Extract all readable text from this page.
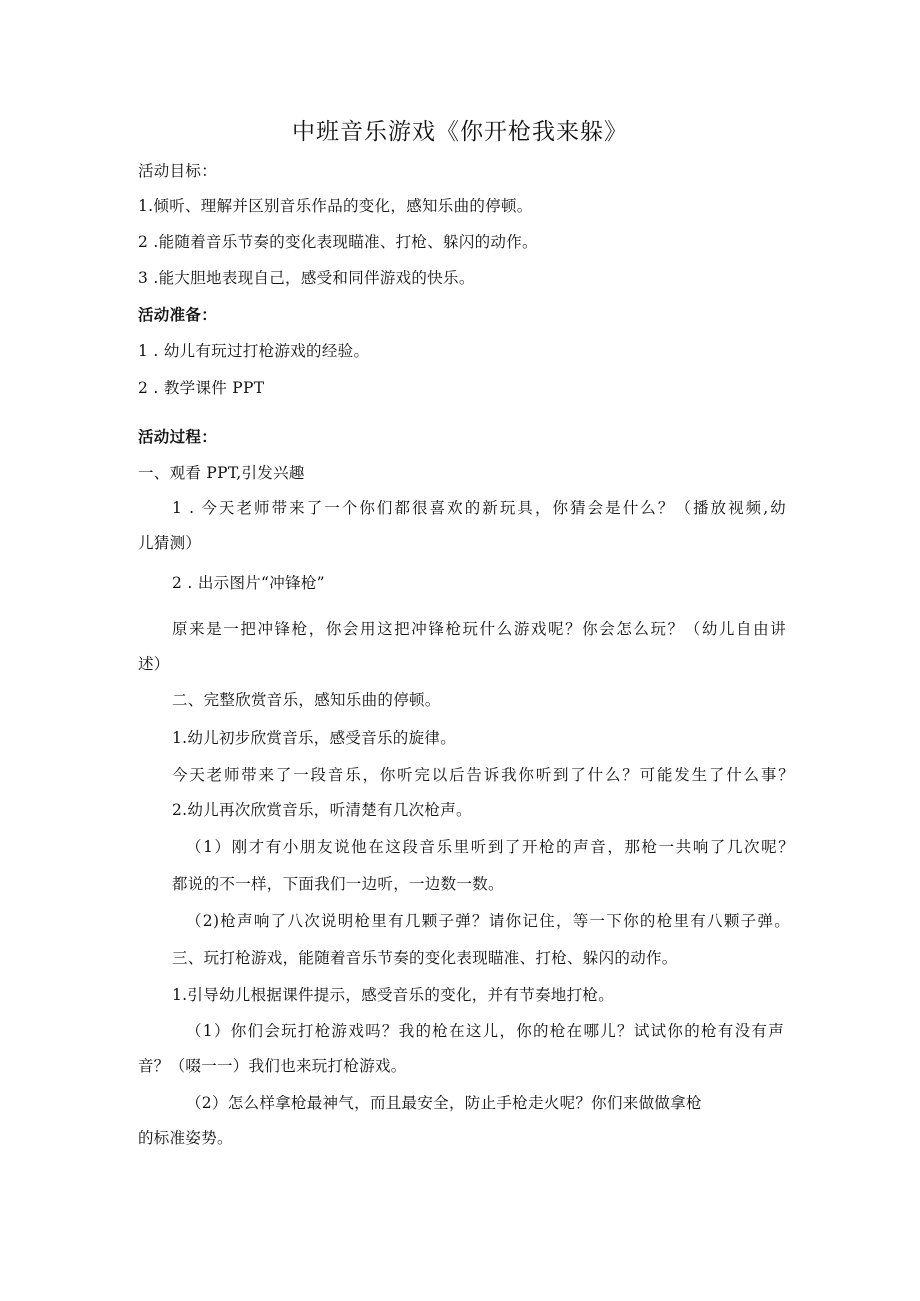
中班音乐游戏《你开枪我来躲》
活动目标：
1.倾听、理解并区别音乐作品的变化，感知乐曲的停顿。
2 .能随着音乐节奏的变化表现瞄准、打枪、躲闪的动作。
3 .能大胆地表现自己，感受和同伴游戏的快乐。
活动准备：
1 . 幼儿有玩过打枪游戏的经验。
2 . 教学课件 PPT
活动过程：
一、观看 PPT,引发兴趣
1 . 今天老师带来了一个你们都很喜欢的新玩具，你猜会是什么？（播放视频,幼
儿猜测）
2 . 出示图片“冲锋枪”
原来是一把冲锋枪，你会用这把冲锋枪玩什么游戏呢？你会怎么玩？（幼儿自由讲
述）
二、完整欣赏音乐，感知乐曲的停顿。
1.幼儿初步欣赏音乐，感受音乐的旋律。
今天老师带来了一段音乐，你听完以后告诉我你听到了什么？可能发生了什么事？
2.幼儿再次欣赏音乐，听清楚有几次枪声。
（1）刚才有小朋友说他在这段音乐里听到了开枪的声音，那枪一共响了几次呢？
都说的不一样，下面我们一边听，一边数一数。
（2)枪声响了八次说明枪里有几颗子弹？请你记住，等一下你的枪里有八颗子弹。
三、玩打枪游戏，能随着音乐节奏的变化表现瞄准、打枪、躲闪的动作。
1.引导幼儿根据课件提示，感受音乐的变化，并有节奏地打枪。
（1）你们会玩打枪游戏吗？我的枪在这儿，你的枪在哪儿？试试你的枪有没有声
音？（啜一一）我们也来玩打枪游戏。
（2）怎么样拿枪最神气，而且最安全，防止手枪走火呢？你们来做做拿枪
的标准姿势。
